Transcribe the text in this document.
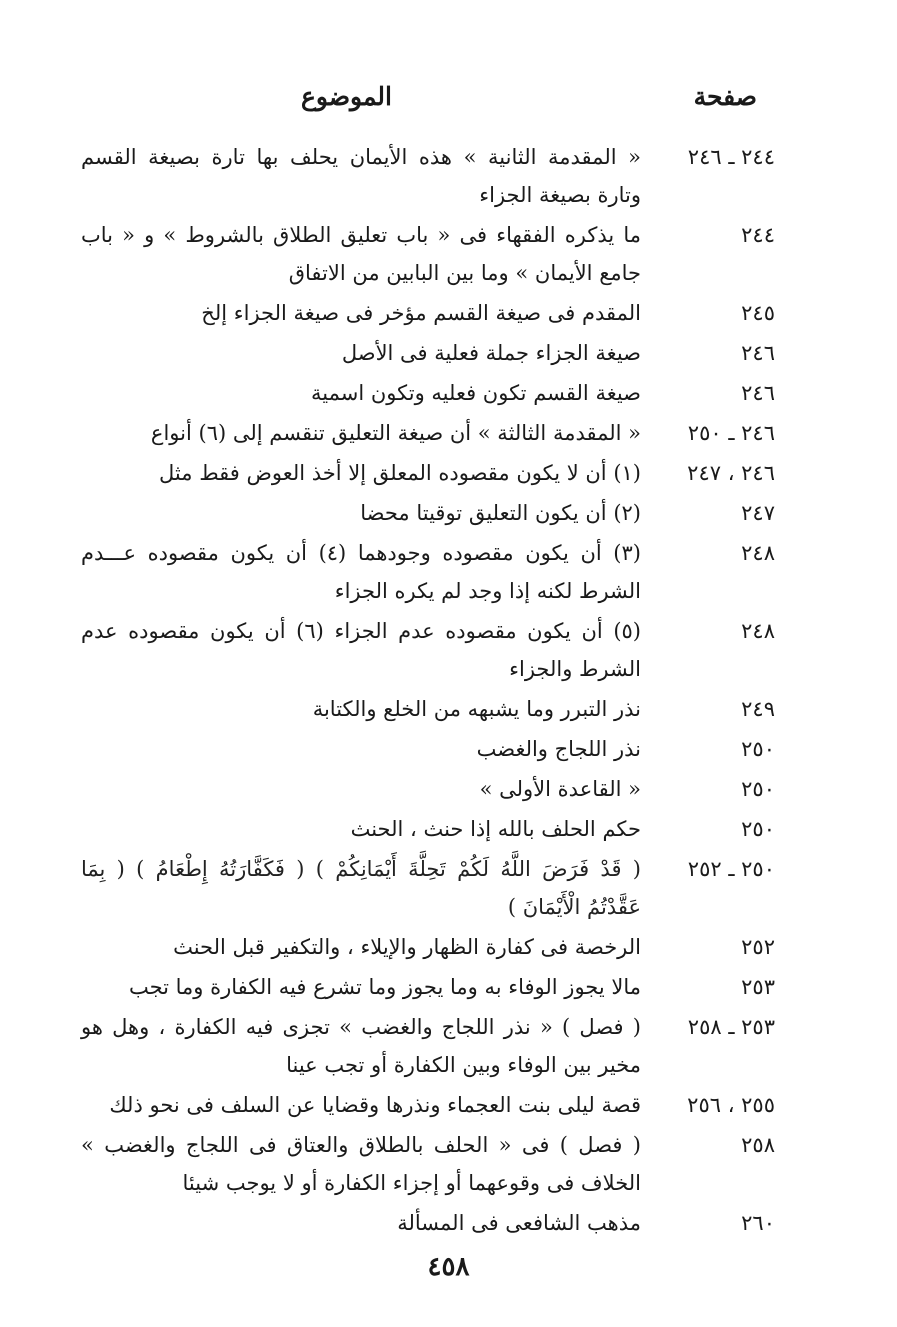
صفحة
الموضوع
٢٤٤ ـ ٢٤٦
« المقدمة الثانية » هذه الأيمان يحلف بها تارة بصيغة القسم وتارة بصيغة الجزاء
٢٤٤
ما يذكره الفقهاء فى « باب تعليق الطلاق بالشروط » و « باب جامع الأيمان » وما بين البابين من الاتفاق
٢٤٥
المقدم فى صيغة القسم مؤخر فى صيغة الجزاء إلخ
٢٤٦
صيغة الجزاء جملة فعلية فى الأصل
٢٤٦
صيغة القسم تكون فعليه وتكون اسمية
٢٤٦ ـ ٢٥٠
« المقدمة الثالثة » أن صيغة التعليق تنقسم إلى (٦) أنواع
٢٤٦ ، ٢٤٧
(١) أن لا يكون مقصوده المعلق إلا أخذ العوض فقط مثل
٢٤٧
(٢) أن يكون التعليق توقيتا محضا
٢٤٨
(٣) أن يكون مقصوده وجودهما (٤) أن يكون مقصوده عـــدم الشرط لكنه إذا وجد لم يكره الجزاء
٢٤٨
(٥) أن يكون مقصوده عدم الجزاء (٦) أن يكون مقصوده عدم الشرط والجزاء
٢٤٩
نذر التبرر وما يشبهه من الخلع والكتابة
٢٥٠
نذر اللجاج والغضب
٢٥٠
« القاعدة الأولى »
٢٥٠
حكم الحلف بالله إذا حنث ، الحنث
٢٥٠ ـ ٢٥٢
( قَدْ فَرَضَ اللَّهُ لَكُمْ تَحِلَّةَ أَيْمَانِكُمْ ) ( فَكَفَّارَتُهُ إِطْعَامُ ) ( بِمَا عَقَّدْتُمُ الْأَيْمَانَ )
٢٥٢
الرخصة فى كفارة الظهار والإيلاء ، والتكفير قبل الحنث
٢٥٣
مالا يجوز الوفاء به وما يجوز وما تشرع فيه الكفارة وما تجب
٢٥٣ ـ ٢٥٨
( فصل ) « نذر اللجاج والغضب » تجزى فيه الكفارة ، وهل هو مخير بين الوفاء وبين الكفارة أو تجب عينا
٢٥٥ ، ٢٥٦
قصة ليلى بنت العجماء ونذرها وقضايا عن السلف فى نحو ذلك
٢٥٨
( فصل ) فى « الحلف بالطلاق والعتاق فى اللجاج والغضب » الخلاف فى وقوعهما أو إجزاء الكفارة أو لا يوجب شيئا
٢٦٠
مذهب الشافعى فى المسألة
٤٥٨
